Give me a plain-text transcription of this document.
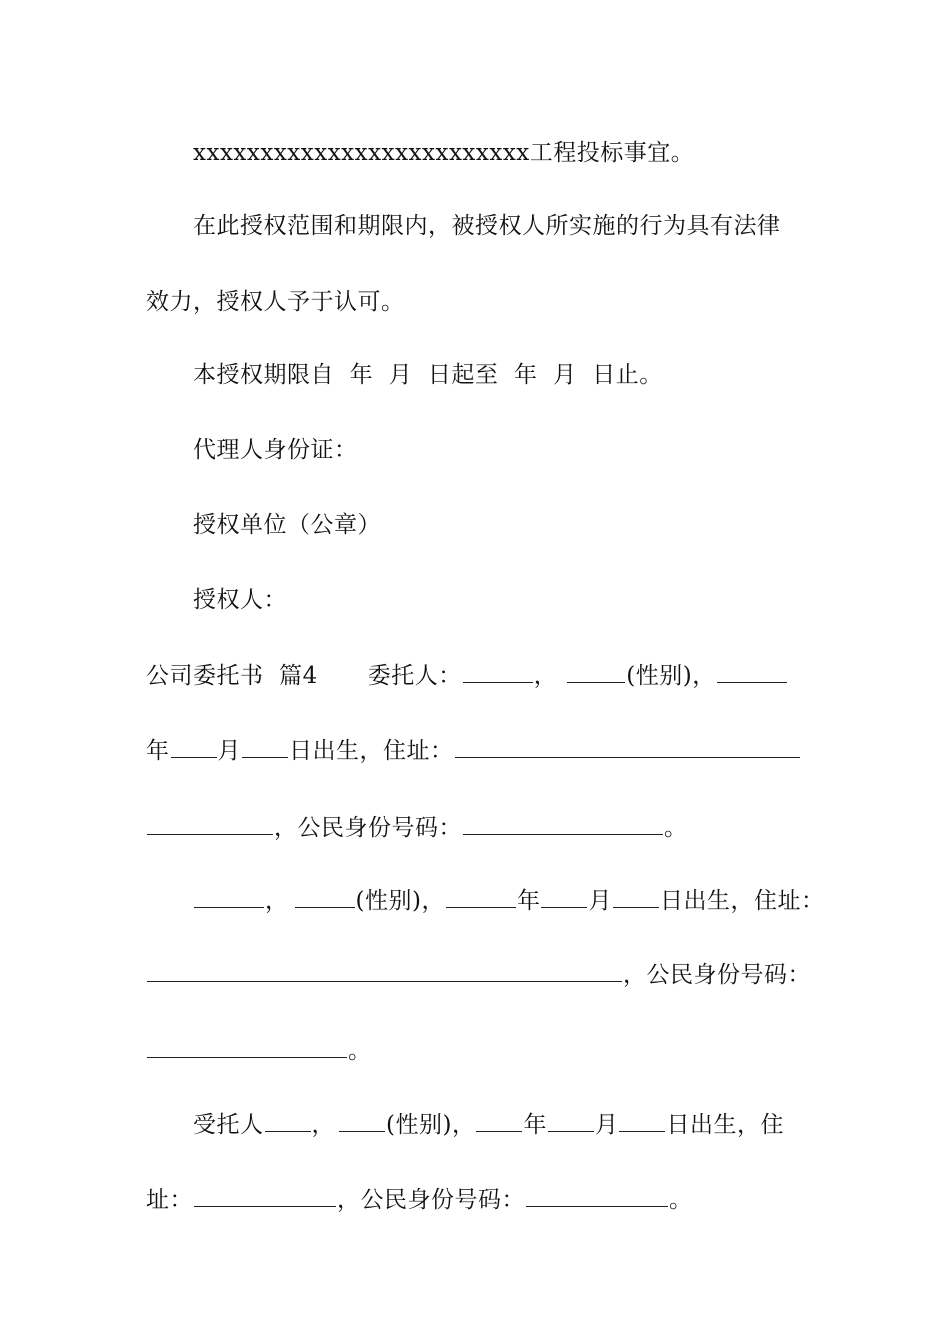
xxxxxxxxxxxxxxxxxxxxxxxxx工程投标事宜。
在此授权范围和期限内，被授权人所实施的行为具有法律
效力，授权人予于认可。
本授权期限自  年  月  日起至  年  月  日止。
代理人身份证：
授权单位（公章）
授权人：
公司委托书  篇4 委托人：	，	(性别)，
年 月 日出生，住址：
，公民身份号码：	。
，	(性别)，	年 月 日出生，住址：
，公民身份号码：
。
受托人 ， (性别)， 年 月 日出生，住
址：	，公民身份号码：	。
